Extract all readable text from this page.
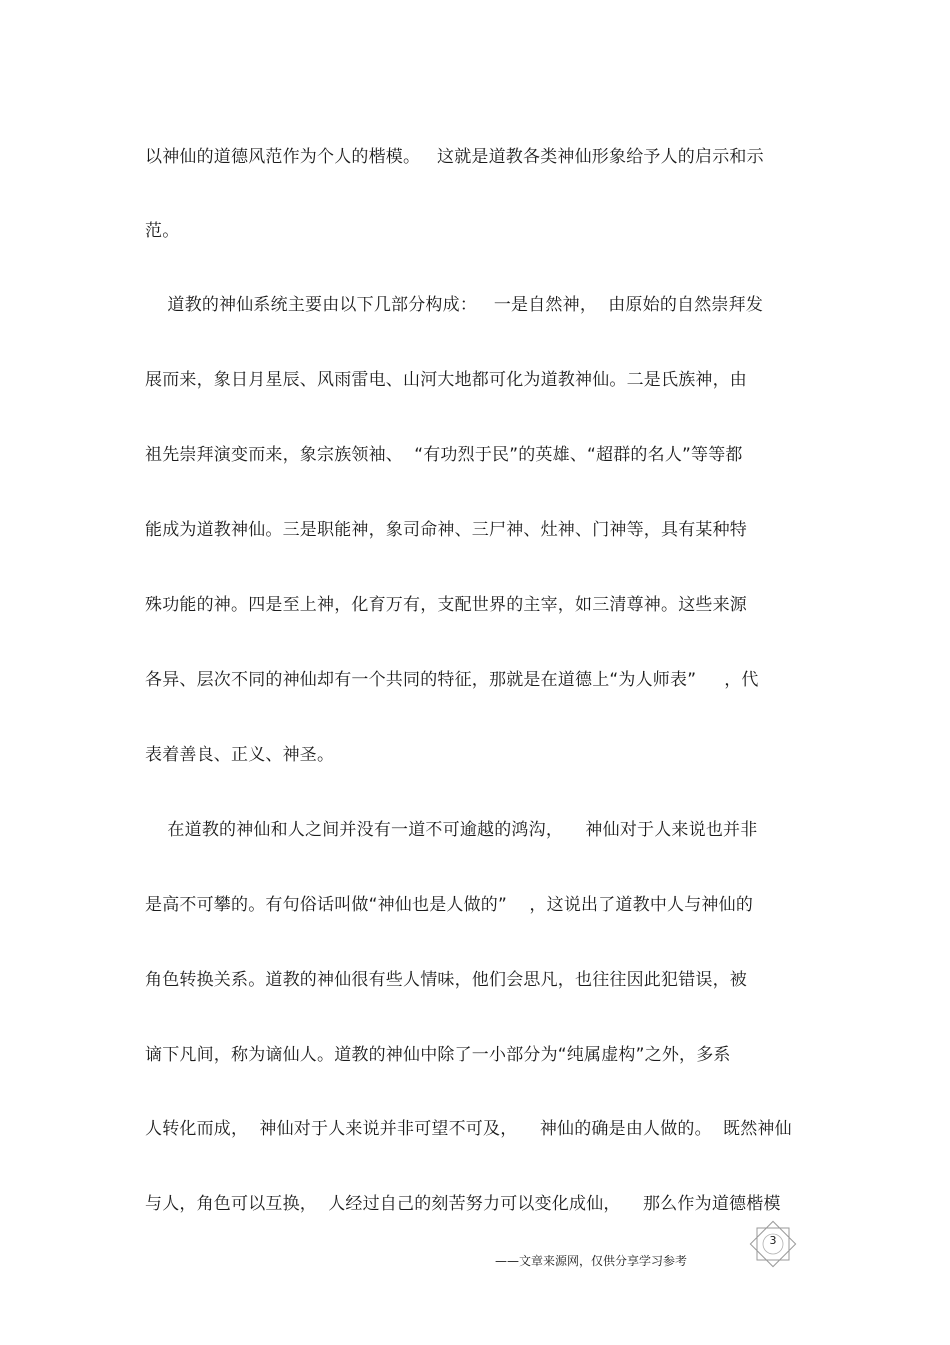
以神仙的道德风范作为个人的楷模。   这就是道教各类神仙形象给予人的启示和示
范。
道教的神仙系统主要由以下几部分构成：   一是自然神，  由原始的自然崇拜发
展而来，象日月星辰、风雨雷电、山河大地都可化为道教神仙。二是氏族神，由
祖先崇拜演变而来，象宗族领袖、  “有功烈于民”的英雄、“超群的名人”等等都
能成为道教神仙。三是职能神，象司命神、三尸神、灶神、门神等，具有某种特
殊功能的神。四是至上神，化育万有，支配世界的主宰，如三清尊神。这些来源
各异、层次不同的神仙却有一个共同的特征，那就是在道德上“为人师表”     ，代
表着善良、正义、神圣。
在道教的神仙和人之间并没有一道不可逾越的鸿沟，    神仙对于人来说也并非
是高不可攀的。有句俗话叫做“神仙也是人做的”    ，这说出了道教中人与神仙的
角色转换关系。道教的神仙很有些人情味，他们会思凡，也往往因此犯错误，被
谪下凡间，称为谪仙人。道教的神仙中除了一小部分为“纯属虚构”之外，多系
人转化而成，  神仙对于人来说并非可望不可及，    神仙的确是由人做的。  既然神仙
与人，角色可以互换，  人经过自己的刻苦努力可以变化成仙，    那么作为道德楷模
3
——文章来源网，仅供分享学习参考
